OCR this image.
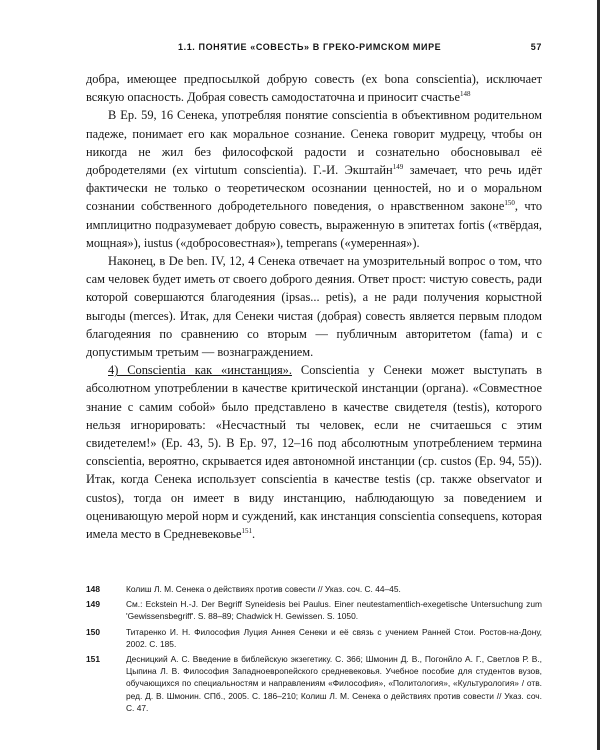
1.1. ПОНЯТИЕ «СОВЕСТЬ» В ГРЕКО-РИМСКОМ МИРЕ	57

добра, имеющее предпосылкой добрую совесть (ex bona conscientia), исключает всякую опасность. Добрая совесть самодостаточна и приносит счастье$^{148}$

В Ep. 59, 16 Сенека, употребляя понятие conscientia в объективном родительном падеже, понимает его как моральное сознание. Сенека говорит мудрецу, чтобы он никогда не жил без философской радости и сознательно обосновывал её добродетелями (ex virtutum conscientia). Г.-И. Экштайн$^{149}$ замечает, что речь идёт фактически не только о теоретическом осознании ценностей, но и о моральном сознании собственного добродетельного поведения, о нравственном законе$^{150}$, что имплицитно подразумевает добрую совесть, выраженную в эпитетах fortis («твёрдая, мощная»), iustus («добросовестная»), temperans («умеренная»).

Наконец, в De ben. IV, 12, 4 Сенека отвечает на умозрительный вопрос о том, что сам человек будет иметь от своего доброго деяния. Ответ прост: чистую совесть, ради которой совершаются благодеяния (ipsas... petis), а не ради получения корыстной выгоды (merces). Итак, для Сенеки чистая (добрая) совесть является первым плодом благодеяния по сравнению со вторым — публичным авторитетом (fama) и с допустимым третьим — вознаграждением.

4) Conscientia как «инстанция». Conscientia у Сенеки может выступать в абсолютном употреблении в качестве критической инстанции (органа). «Совместное знание с самим собой» было представлено в качестве свидетеля (testis), которого нельзя игнорировать: «Несчастный ты человек, если не считаешься с этим свидетелем!» (Ep. 43, 5). В Ep. 97, 12–16 под абсолютным употреблением термина conscientia, вероятно, скрывается идея автономной инстанции (ср. custos (Ep. 94, 55)). Итак, когда Сенека использует conscientia в качестве testis (ср. также observator и custos), тогда он имеет в виду инстанцию, наблюдающую за поведением и оценивающую мерой норм и суждений, как инстанция conscientia consequens, которая имела место в Средневековье$^{151}$.

148	Колиш Л. М. Сенека о действиях против совести // Указ. соч. С. 44–45.
149	См.: Eckstein H.-J. Der Begriff Syneidesis bei Paulus. Einer neutestamentlich-exegetische Untersuchung zum 'Gewissensbegriff'. S. 88–89; Chadwick H. Gewissen. S. 1050.
150	Титаренко И. Н. Философия Луция Аннея Сенеки и её связь с учением Ранней Стои. Ростов-на-Дону, 2002. С. 185.
151	Десницкий А. С. Введение в библейскую экзегетику. С. 366; Шмонин Д. В., Погонйло А. Г., Светлов Р. В., Цыпина Л. В. Философия Западноевропейского средневековья. Учебное пособие для студентов вузов, обучающихся по специальностям и направлениям «Философия», «Политология», «Культурология» / отв. ред. Д. В. Шмонин. СПб., 2005. С. 186–210; Колиш Л. М. Сенека о действиях против совести // Указ. соч. С. 47.
